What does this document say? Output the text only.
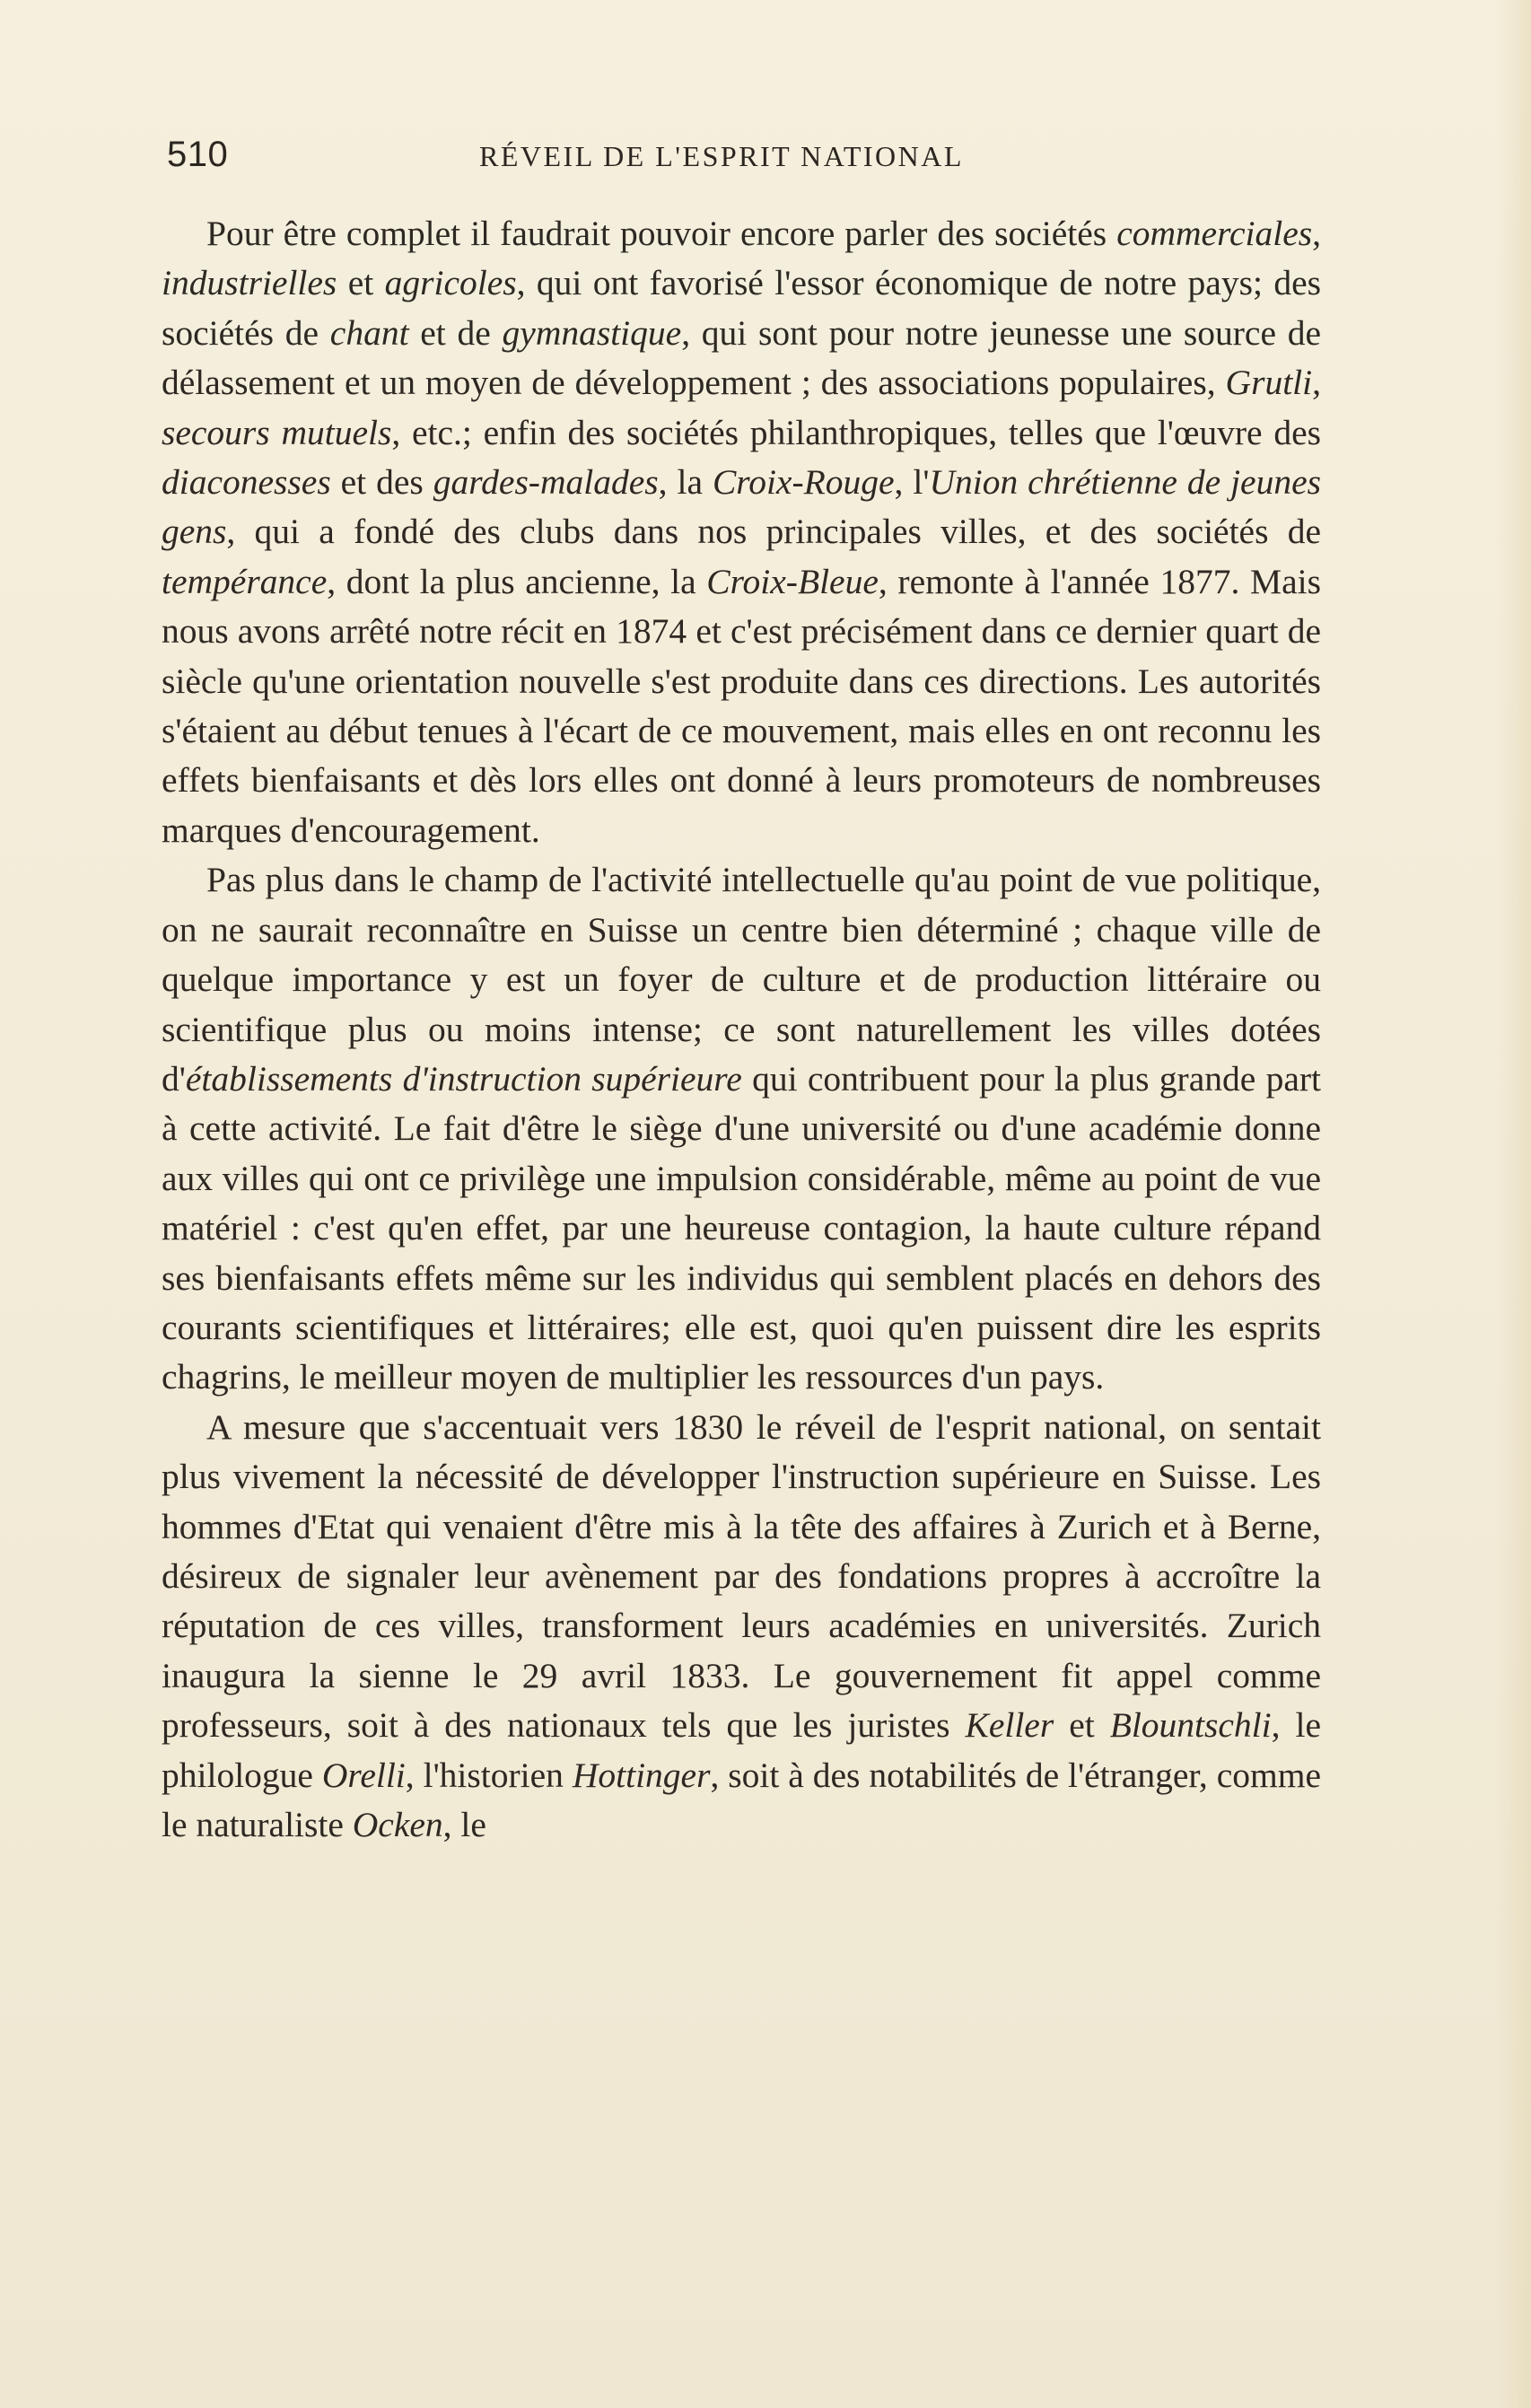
510	RÉVEIL DE L'ESPRIT NATIONAL

Pour être complet il faudrait pouvoir encore parler des sociétés commerciales, industrielles et agricoles, qui ont favorisé l'essor économique de notre pays; des sociétés de chant et de gymnastique, qui sont pour notre jeunesse une source de délassement et un moyen de développement ; des associations populaires, Grutli, secours mutuels, etc.; enfin des sociétés philanthropiques, telles que l'œuvre des diaconesses et des gardes-malades, la Croix-Rouge, l'Union chrétienne de jeunes gens, qui a fondé des clubs dans nos principales villes, et des sociétés de tempérance, dont la plus ancienne, la Croix-Bleue, remonte à l'année 1877. Mais nous avons arrêté notre récit en 1874 et c'est précisément dans ce dernier quart de siècle qu'une orientation nouvelle s'est produite dans ces directions. Les autorités s'étaient au début tenues à l'écart de ce mouvement, mais elles en ont reconnu les effets bienfaisants et dès lors elles ont donné à leurs promoteurs de nombreuses marques d'encouragement.

Pas plus dans le champ de l'activité intellectuelle qu'au point de vue politique, on ne saurait reconnaître en Suisse un centre bien déterminé ; chaque ville de quelque importance y est un foyer de culture et de production littéraire ou scientifique plus ou moins intense; ce sont naturellement les villes dotées d'établissements d'instruction supérieure qui contribuent pour la plus grande part à cette activité. Le fait d'être le siège d'une université ou d'une académie donne aux villes qui ont ce privilège une impulsion considérable, même au point de vue matériel : c'est qu'en effet, par une heureuse contagion, la haute culture répand ses bienfaisants effets même sur les individus qui semblent placés en dehors des courants scientifiques et littéraires; elle est, quoi qu'en puissent dire les esprits chagrins, le meilleur moyen de multiplier les ressources d'un pays.

A mesure que s'accentuait vers 1830 le réveil de l'esprit national, on sentait plus vivement la nécessité de développer l'instruction supérieure en Suisse. Les hommes d'Etat qui venaient d'être mis à la tête des affaires à Zurich et à Berne, désireux de signaler leur avènement par des fondations propres à accroître la réputation de ces villes, transforment leurs académies en universités. Zurich inaugura la sienne le 29 avril 1833. Le gouvernement fit appel comme professeurs, soit à des nationaux tels que les juristes Keller et Blountschli, le philologue Orelli, l'historien Hottinger, soit à des notabilités de l'étranger, comme le naturaliste Ocken, le
